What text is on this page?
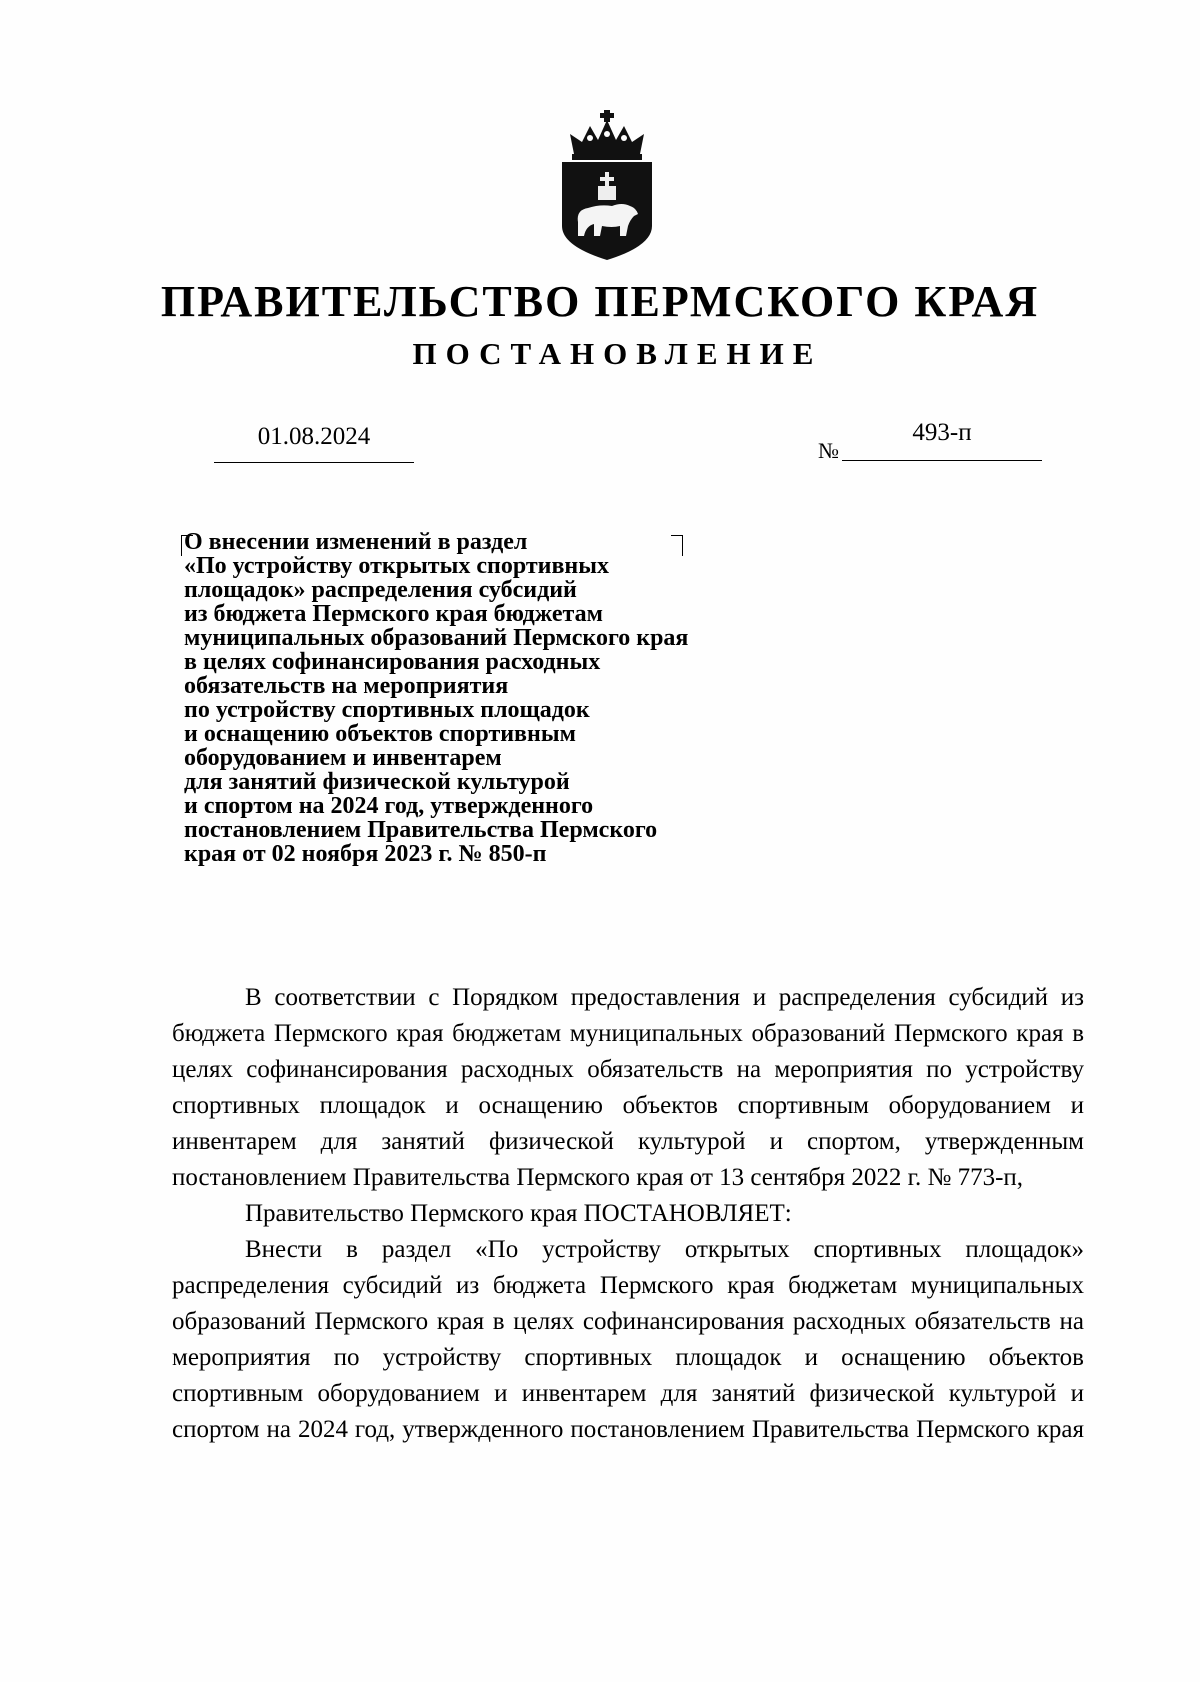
ПРАВИТЕЛЬСТВО ПЕРМСКОГО КРАЯ
ПОСТАНОВЛЕНИЕ
01.08.2024
№
493-п
О внесении изменений в раздел
«По устройству открытых спортивных
площадок» распределения субсидий
из бюджета Пермского края бюджетам
муниципальных образований Пермского края
в целях софинансирования расходных
обязательств на мероприятия
по устройству спортивных площадок
и оснащению объектов спортивным
оборудованием и инвентарем
для занятий физической культурой
и спортом на 2024 год, утвержденного
постановлением Правительства Пермского
края от 02 ноября 2023 г. № 850-п

В соответствии с Порядком предоставления и распределения субсидий из бюджета Пермского края бюджетам муниципальных образований Пермского края в целях софинансирования расходных обязательств на мероприятия по устройству спортивных площадок и оснащению объектов спортивным оборудованием и инвентарем для занятий физической культурой и спортом, утвержденным постановлением Правительства Пермского края от 13 сентября 2022 г. № 773-п,

Правительство Пермского края ПОСТАНОВЛЯЕТ:

Внести в раздел «По устройству открытых спортивных площадок» распределения субсидий из бюджета Пермского края бюджетам муниципальных образований Пермского края в целях софинансирования расходных обязательств на мероприятия по устройству спортивных площадок и оснащению объектов спортивным оборудованием и инвентарем для занятий физической культурой и спортом на 2024 год, утвержденного постановлением Правительства Пермского края
